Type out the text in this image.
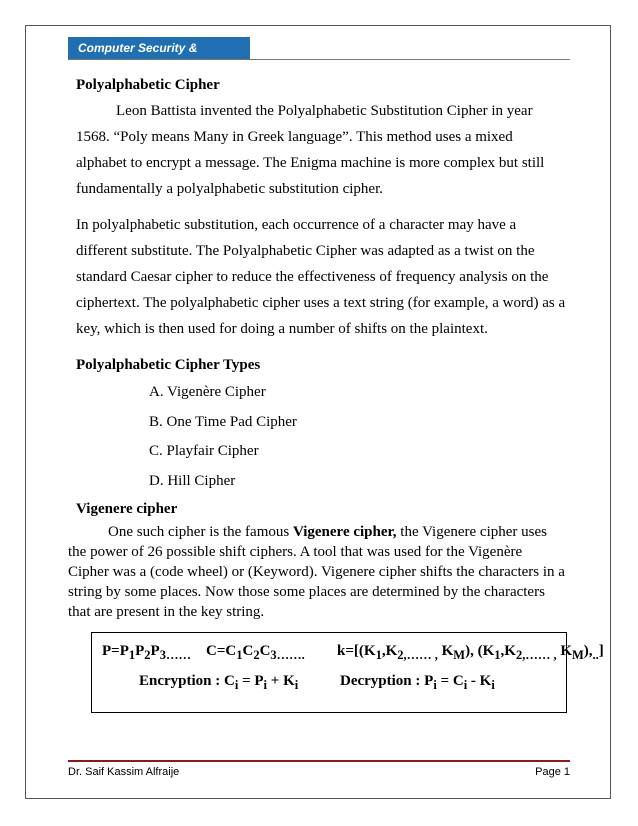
Computer Security & Networks
Polyalphabetic Cipher

Leon Battista invented the Polyalphabetic Substitution Cipher in year 1568. “Poly means Many in Greek language”. This method uses a mixed alphabet to encrypt a message. The Enigma machine is more complex but still fundamentally a polyalphabetic substitution cipher.

In polyalphabetic substitution, each occurrence of a character may have a different substitute. The Polyalphabetic Cipher was adapted as a twist on the standard Caesar cipher to reduce the effectiveness of frequency analysis on the ciphertext. The polyalphabetic cipher uses a text string (for example, a word) as a key, which is then used for doing a number of shifts on the plaintext.

Polyalphabetic Cipher Types
A. Vigenère Cipher
B. One Time Pad Cipher
C. Playfair Cipher
D. Hill Cipher
Vigenere cipher

One such cipher is the famous Vigenere cipher, the Vigenere cipher uses the power of 26 possible shift ciphers. A tool that was used for the Vigenère Cipher was a (code wheel) or (Keyword). Vigenere cipher shifts the characters in a string by some places. Now those some places are determined by the characters that are present in the key string.

$P=P_1P_2P_{3\dots\dots}$ $C=C_1C_2C_{3\dots\dots.}$ $k=[(K_1,K_{2,\dots\dots ,}$ $K_M$), ($K_1,K_{2,\dots\dots ,}$ $K_M),_{..}$]
Encryption : $C_i = P_i + K_i$	Decryption : $P_i = C_i - K_i$
Dr. Saif Kassim Alfraije	Page 1
